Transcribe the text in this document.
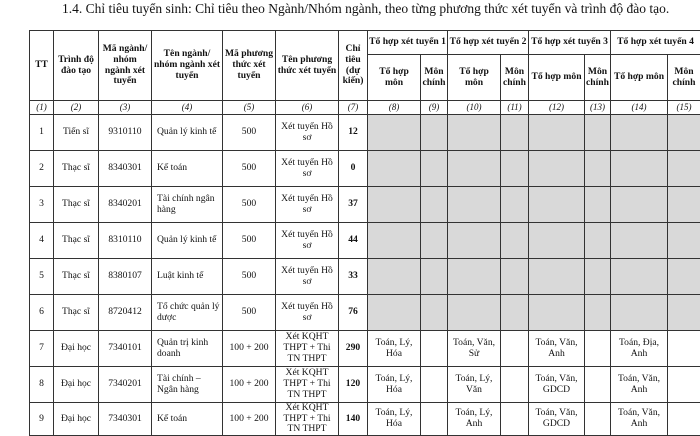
1.4. Chỉ tiêu tuyển sinh: Chỉ tiêu theo Ngành/Nhóm ngành, theo từng phương thức xét tuyển và trình độ đào tạo.
TT	Trình độ đào tạo	Mã ngành/ nhóm ngành xét tuyển	Tên ngành/ nhóm ngành xét tuyển	Mã phương thức xét tuyển	Tên phương thức xét tuyển	Chỉ tiêu (dự kiến)	Tổ hợp xét tuyển 1		Tổ hợp xét tuyển 2		Tổ hợp xét tuyển 3		Tổ hợp xét tuyển 4	
							Tổ hợp môn	Môn chính	Tổ hợp môn	Môn chính	Tổ hợp môn	Môn chính	Tổ hợp môn	Môn chính
(1)	(2)	(3)	(4)	(5)	(6)	(7)	(8)	(9)	(10)	(11)	(12)	(13)	(14)	(15)
1	Tiến sĩ	9310110	Quản lý kinh tế	500	Xét tuyển Hồ sơ	12								
2	Thạc sĩ	8340301	Kế toán	500	Xét tuyển Hồ sơ	0								
3	Thạc sĩ	8340201	Tài chính ngân hàng	500	Xét tuyển Hồ sơ	37								
4	Thạc sĩ	8310110	Quản lý kinh tế	500	Xét tuyển Hồ sơ	44								
5	Thạc sĩ	8380107	Luật kinh tế	500	Xét tuyển Hồ sơ	33								
6	Thạc sĩ	8720412	Tổ chức quản lý dược	500	Xét tuyển Hồ sơ	76								
7	Đại học	7340101	Quản trị kinh doanh	100 + 200	Xét KQHT THPT + Thi TN THPT	290	Toán, Lý, Hóa		Toán, Văn, Sử		Toán, Văn, Anh		Toán, Địa, Anh	
8	Đại học	7340201	Tài chính – Ngân hàng	100 + 200	Xét KQHT THPT + Thi TN THPT	120	Toán, Lý, Hóa		Toán, Lý, Văn		Toán, Văn, GDCD		Toán, Văn, Anh	
9	Đại học	7340301	Kế toán	100 + 200	Xét KQHT THPT + Thi TN THPT	140	Toán, Lý, Hóa		Toán, Lý, Anh		Toán, Văn, GDCD		Toán, Văn, Anh	
